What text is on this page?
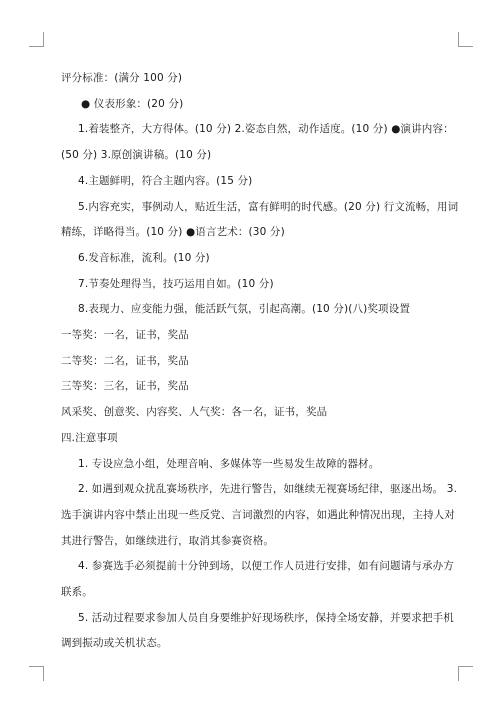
评分标准：(满分 100 分)
● 仪表形象：(20 分)
1.着装整齐，大方得体。(10 分) 2.姿态自然，动作适度。(10 分) ●演讲内容：
(50 分) 3.原创演讲稿。(10 分)
4.主题鲜明，符合主题内容。(15 分)
5.内容充实，事例动人，贴近生活，富有鲜明的时代感。(20 分) 行文流畅，用词
精练，详略得当。(10 分) ●语言艺术：(30 分)
6.发音标准，流利。(10 分)
7.节奏处理得当，技巧运用自如。(10 分)
8.表现力、应变能力强，能活跃气氛，引起高潮。(10 分)(八)奖项设置
一等奖：一名，证书，奖品
二等奖：二名，证书，奖品
三等奖：三名，证书，奖品
风采奖、创意奖、内容奖、人气奖：各一名，证书，奖品
四.注意事项
1. 专设应急小组，处理音响、多媒体等一些易发生故障的器材。
2. 如遇到观众扰乱赛场秩序，先进行警告，如继续无视赛场纪律，驱逐出场。 3.
选手演讲内容中禁止出现一些反党、言词激烈的内容，如遇此种情况出现，主持人对
其进行警告，如继续进行，取消其参赛资格。
4. 参赛选手必须提前十分钟到场，以便工作人员进行安排，如有问题请与承办方
联系。
5. 活动过程要求参加人员自身要维护好现场秩序，保持全场安静，并要求把手机
调到振动或关机状态。
